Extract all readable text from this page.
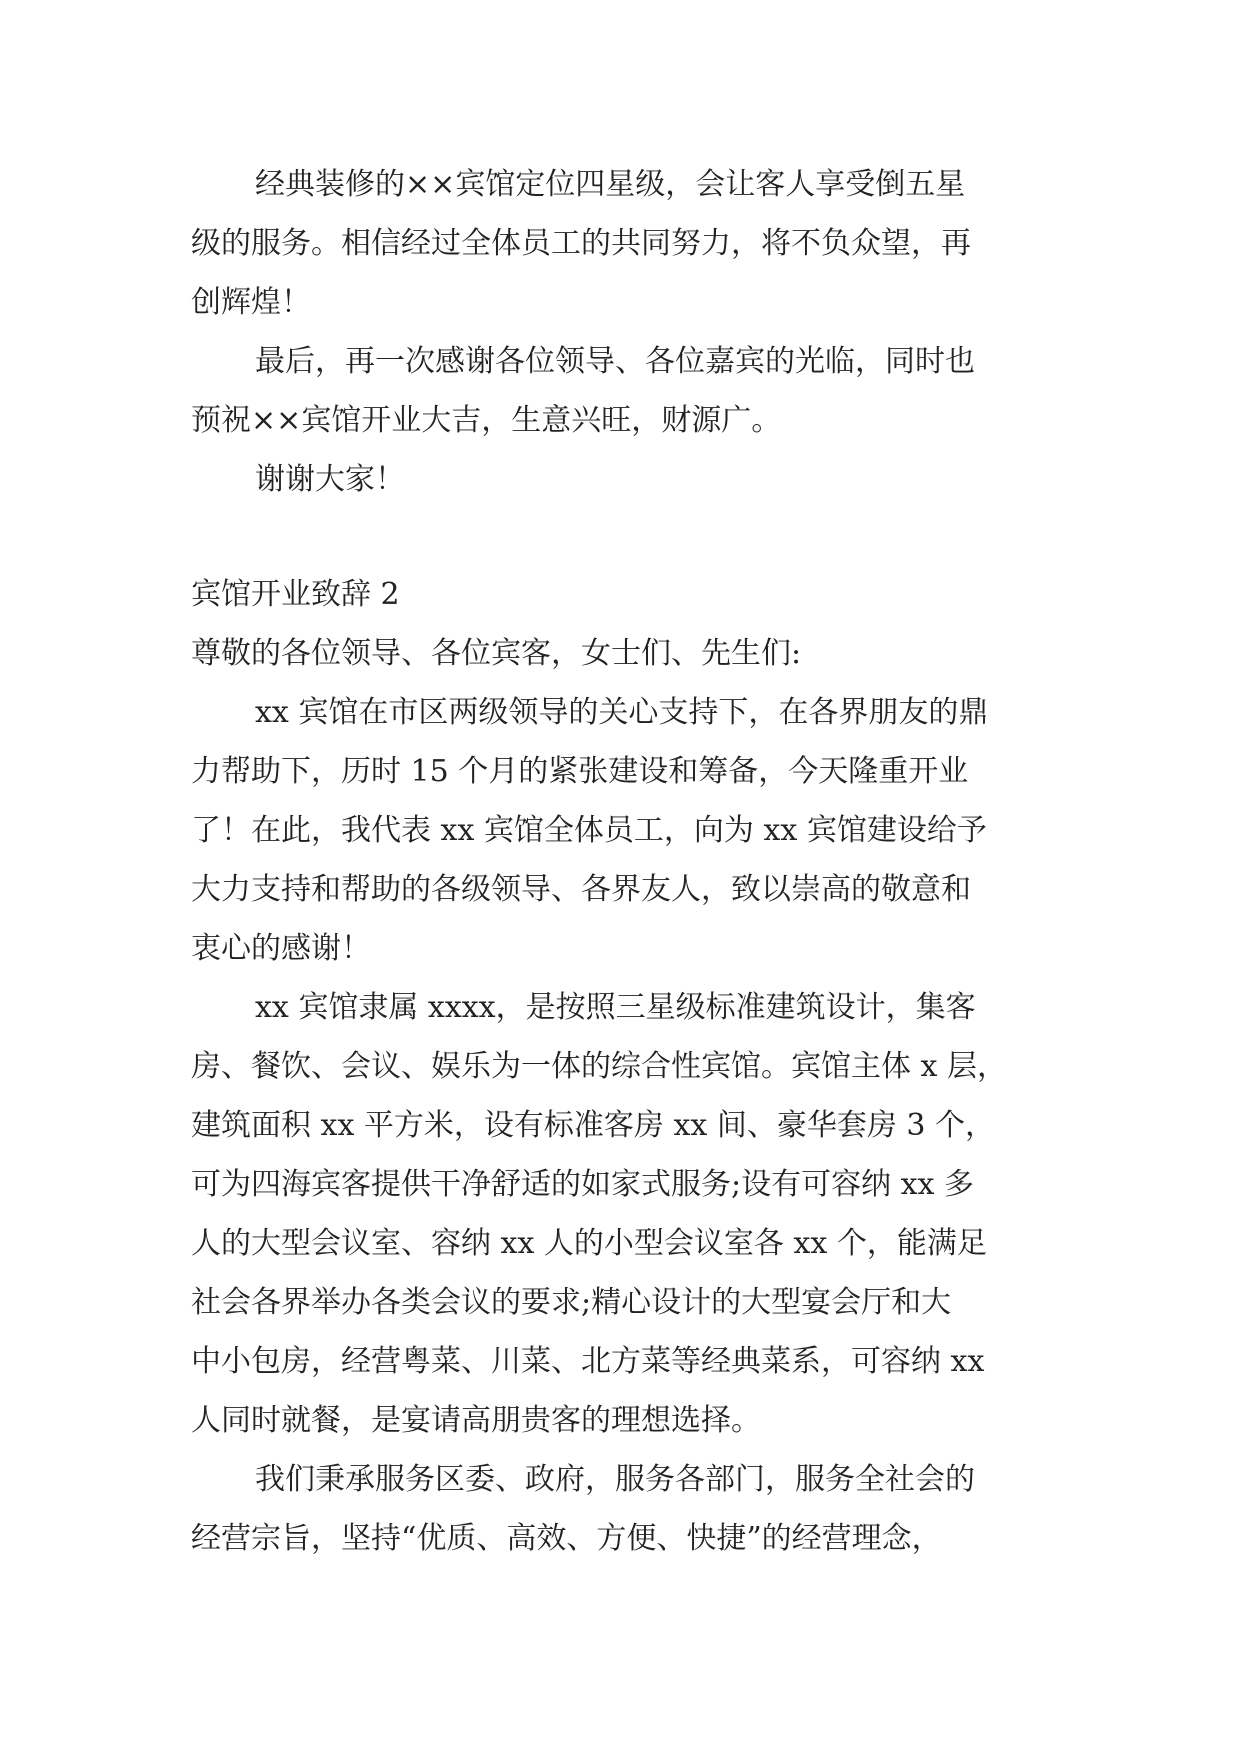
经典装修的××宾馆定位四星级，会让客人享受倒五星
级的服务。相信经过全体员工的共同努力，将不负众望，再
创辉煌！
最后，再一次感谢各位领导、各位嘉宾的光临，同时也
预祝××宾馆开业大吉，生意兴旺，财源广。
谢谢大家！
宾馆开业致辞 2
尊敬的各位领导、各位宾客，女士们、先生们:
xx 宾馆在市区两级领导的关心支持下，在各界朋友的鼎
力帮助下，历时 15 个月的紧张建设和筹备，今天隆重开业
了！在此，我代表 xx 宾馆全体员工，向为 xx 宾馆建设给予
大力支持和帮助的各级领导、各界友人，致以崇高的敬意和
衷心的感谢！
xx 宾馆隶属 xxxx，是按照三星级标准建筑设计，集客
房、餐饮、会议、娱乐为一体的综合性宾馆。宾馆主体 x 层，
建筑面积 xx 平方米，设有标准客房 xx 间、豪华套房 3 个，
可为四海宾客提供干净舒适的如家式服务;设有可容纳 xx 多
人的大型会议室、容纳 xx 人的小型会议室各 xx 个，能满足
社会各界举办各类会议的要求;精心设计的大型宴会厅和大
中小包房，经营粤菜、川菜、北方菜等经典菜系，可容纳 xx
人同时就餐，是宴请高朋贵客的理想选择。
我们秉承服务区委、政府，服务各部门，服务全社会的
经营宗旨，坚持“优质、高效、方便、快捷”的经营理念，
